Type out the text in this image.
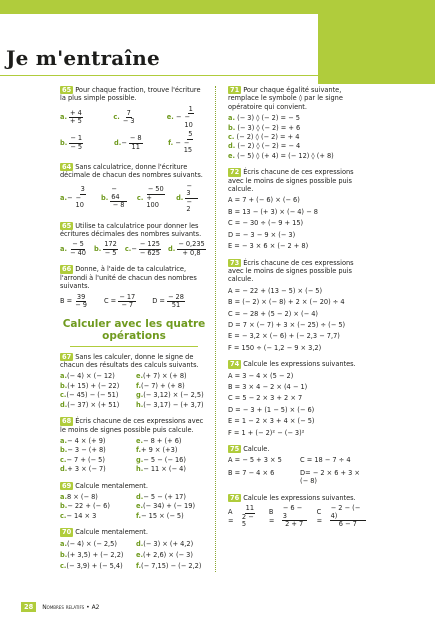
Je m'entraîne
65 Pour chaque fraction, trouve l'écriture la plus simple possible.
a. $\frac{+ 4}{+ 5}$	c. $\frac{7}{- 3}$	e.
− $\frac{1}{- 10}$
b. $\frac{- 1}{- 5}$	d. − $\frac{- 8}{11}$	f.
− $\frac{5}{- 15}$
64 Sans calculatrice, donne l'écriture décimale de chacun des nombres suivants.
a. − $\frac{3}{- 10} b$. $\frac{- 64}{- 8} c$. $\frac{- 50}{+ 100} d$. $\frac{- 3}{- 2}$
65 Utilise ta calculatrice pour donner les écritures décimales des nombres suivants.
a. $\frac{- 5}{- 40} b$. $\frac{172}{- 5} c$. − $\frac{- 125}{- 625} d$. $\frac{- 0,235}{+ 0,8}$
66 Donne, à l'aide de ta calculatrice, l'arrondi à l'unité de chacun des nombres suivants.
$B = \frac{39}{- 9}$ $C = \frac{- 17}{- 7}$ $D = \frac{- 28}{51}$
Calculer avec les quatre opérations
67 Sans les calculer, donne le signe de chacun des résultats des calculs suivants.
a.(− 4) × (− 12)	e.(+ 7) × (+ 8)
b.(+ 15) + (− 22)	f.(− 7) + (+ 8)
c.(− 45) − (− 51)	g.(− 3,12) × (− 2,5)
d.(− 37) × (+ 51)	h.(− 3,17) − (+ 3,7)
68 Écris chacune de ces expressions avec le moins de signes possible puis calcule.
a.− 4 × (+ 9)	e.− 8 + (+ 6)
b.− 3 − (+ 8)	f.+ 9 × (+3)
c.− 7 + (− 5)	g.− 5 − (− 16)
d.+ 3 × (− 7)	h.− 11 × (− 4)
69 Calcule mentalement.
a.8 × (− 8)	d.− 5 − (+ 17)
b.− 22 + (− 6)	e.(− 34) + (− 19)
c.− 14 × 3	f.− 15 × (− 5)
70 Calcule mentalement.
a.(− 4) × (− 2,5)	d.(− 3) × (+ 4,2)
b.(+ 3,5) + (− 2,2)	e.(+ 2,6) × (− 3)
c.(− 3,9) + (− 5,4)	f.(− 7,15) − (− 2,2)
71 Pour chaque égalité suivante, remplace le symbole ◊ par le signe opératoire qui convient.
a. (− 3) ◊ (− 2) = − 5
b. (− 3) ◊ (− 2) = + 6
c. (− 2) ◊ (− 2) = + 4
d. (− 2) ◊ (− 2) = − 4
e. (− 5) ◊ (+ 4) = (− 12) ◊ (+ 8)
72 Écris chacune de ces expressions avec le moins de signes possible puis calcule.
A = 7 + (− 6) × (− 6)
B = 13 − (+ 3) × (− 4) − 8
C = − 30 ÷ (− 9 + 15)
D = − 3 − 9 × (− 3)
E = − 3 × 6 × (− 2 + 8)
73 Écris chacune de ces expressions avec le moins de signes possible puis calcule.
A = − 22 + (13 − 5) × (− 5)
B = (− 2) × (− 8) + 2 × (− 20) ÷ 4
C = − 28 + (5 − 2) × (− 4)
D = 7 × (− 7) + 3 × (− 25) ÷ (− 5)
E = − 3,2 × (− 6) + (− 2,3 − 7,7)
F = 150 ÷ (− 1,2 − 9 × 3,2)
74 Calcule les expressions suivantes.
A = 3 − 4 × (5 − 2)
B = 3 × 4 − 2 × (4 − 1)
C = 5 − 2 × 3 + 2 × 7
D = − 3 + (1 − 5) × (− 6)
E = 1 − 2 × 3 + 4 × (− 5)
F = 1 + (− 2)² − (− 3)²
75 Calcule.
A = − 5 + 3 × 5	C = 18 − 7 ÷ 4
B = 7 − 4 × 6	D= − 2 × 6 + 3 × (− 8)
76 Calcule les expressions suivantes.
A =	$\frac{11}{2 - 5}$ B =	$\frac{- 6 - 3}{2 + 7}$ C =	$\frac{- 2 - (- 4)}{6 - 7}$
28	Nombres relatifs • A2
